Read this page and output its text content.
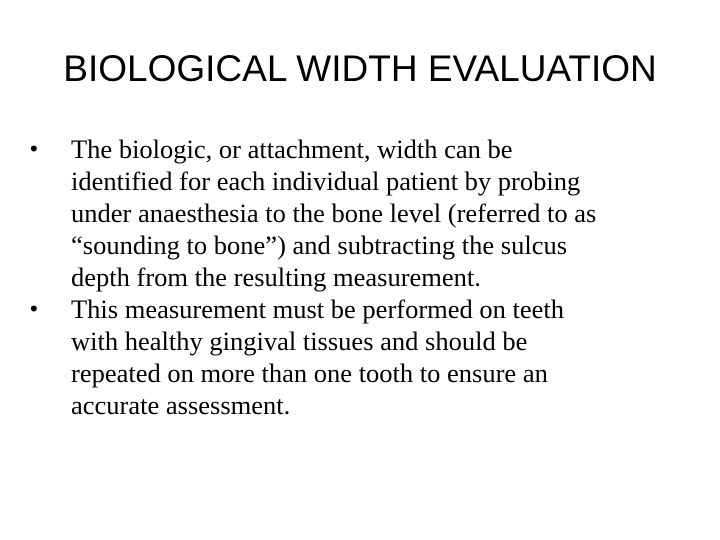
BIOLOGICAL WIDTH EVALUATION
• The biologic, or attachment, width can be
identified for each individual patient by probing
under anaesthesia to the bone level (referred to as
“sounding to bone”) and subtracting the sulcus
depth from the resulting measurement.
• This measurement must be performed on teeth
with healthy gingival tissues and should be
repeated on more than one tooth to ensure an
accurate assessment.
